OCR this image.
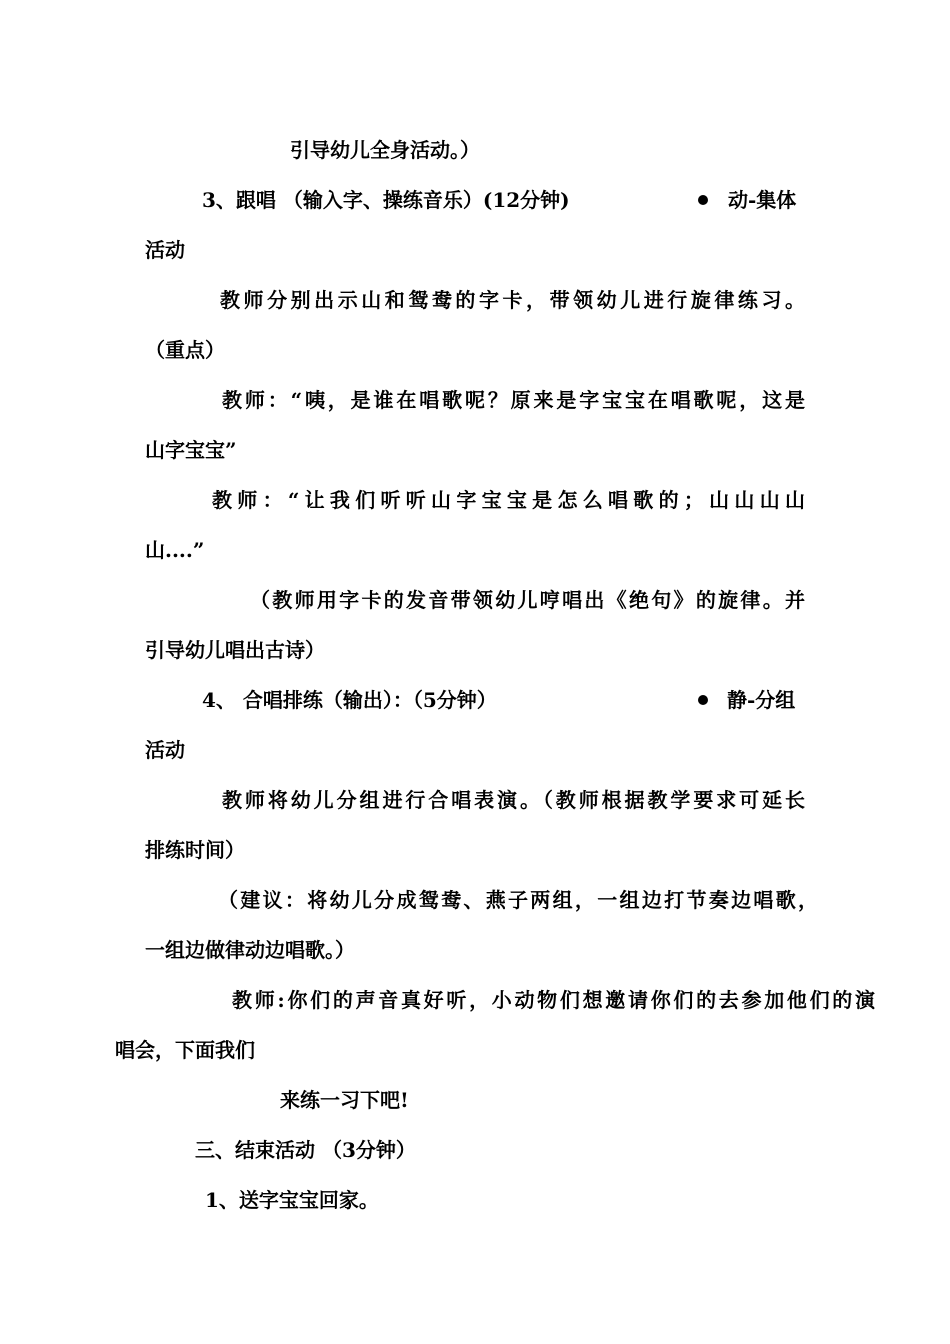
引导幼儿全身活动。）
3、跟唱 （输入字、操练音乐）(12分钟)	动-集体
活动
教师分别出示山和鸳鸯的字卡，带领幼儿进行旋律练习。
（重点）
教师：“咦，是谁在唱歌呢？原来是字宝宝在唱歌呢，这是
山字宝宝”
教师：“让我们听听山字宝宝是怎么唱歌的；山山山山
山....”
（教师用字卡的发音带领幼儿哼唱出《绝句》的旋律。并
引导幼儿唱出古诗）
4、 合唱排练（输出）：（5分钟）	静-分组
活动
教师将幼儿分组进行合唱表演。（教师根据教学要求可延长
排练时间）
（建议：将幼儿分成鸳鸯、燕子两组，一组边打节奏边唱歌，
一组边做律动边唱歌。）
教师:你们的声音真好听，小动物们想邀请你们的去参加他们的演
唱会，下面我们
来练一习下吧!
三、结束活动 （3分钟）
1、送字宝宝回家。
